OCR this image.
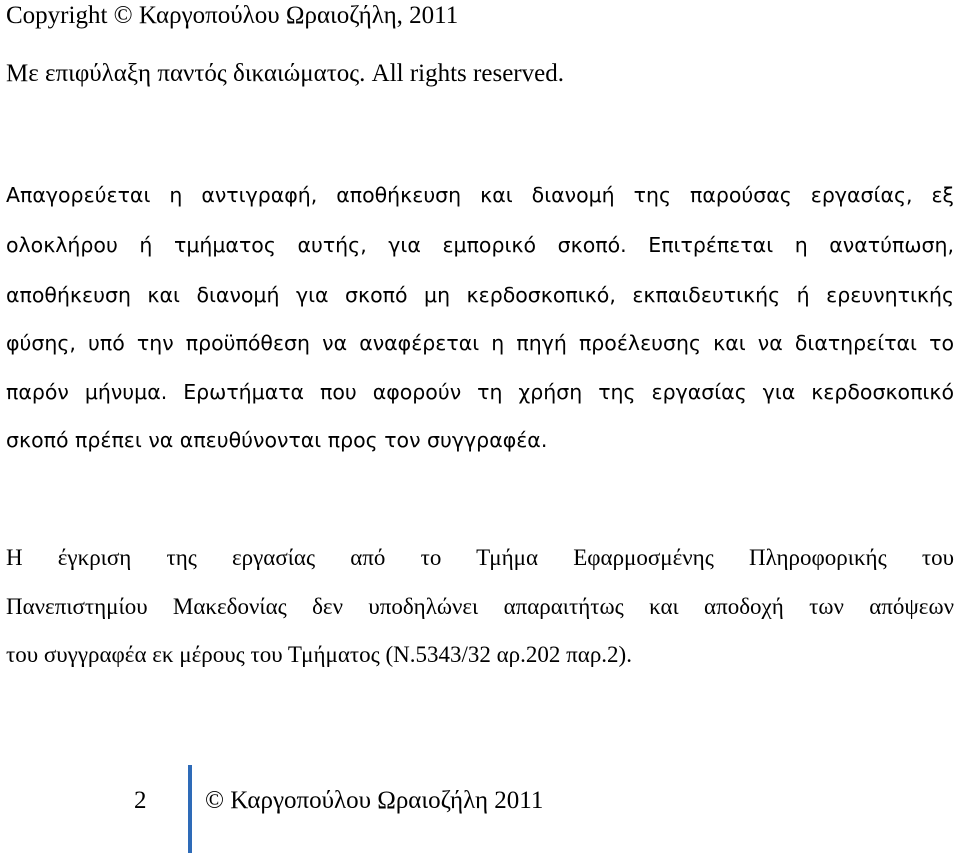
Copyright © Καργοπούλου Ωραιοζήλη, 2011
Με επιφύλαξη παντός δικαιώματος. All rights reserved.
Απαγορεύεται η αντιγραφή, αποθήκευση και διανομή της παρούσας εργασίας, εξ
ολοκλήρου ή τμήματος αυτής, για εμπορικό σκοπό. Επιτρέπεται η ανατύπωση,
αποθήκευση και διανομή για σκοπό μη κερδοσκοπικό, εκπαιδευτικής ή ερευνητικής
φύσης, υπό την προϋπόθεση να αναφέρεται η πηγή προέλευσης και να διατηρείται το
παρόν μήνυμα. Ερωτήματα που αφορούν τη χρήση της εργασίας για κερδοσκοπικό
σκοπό πρέπει να απευθύνονται προς τον συγγραφέα.
Η έγκριση της εργασίας από το Τμήμα Εφαρμοσμένης Πληροφορικής του
Πανεπιστημίου Μακεδονίας δεν υποδηλώνει απαραιτήτως και αποδοχή των απόψεων
του συγγραφέα εκ μέρους του Τμήματος (Ν.5343/32 αρ.202 παρ.2).
2 © Καργοπούλου Ωραιοζήλη 2011
